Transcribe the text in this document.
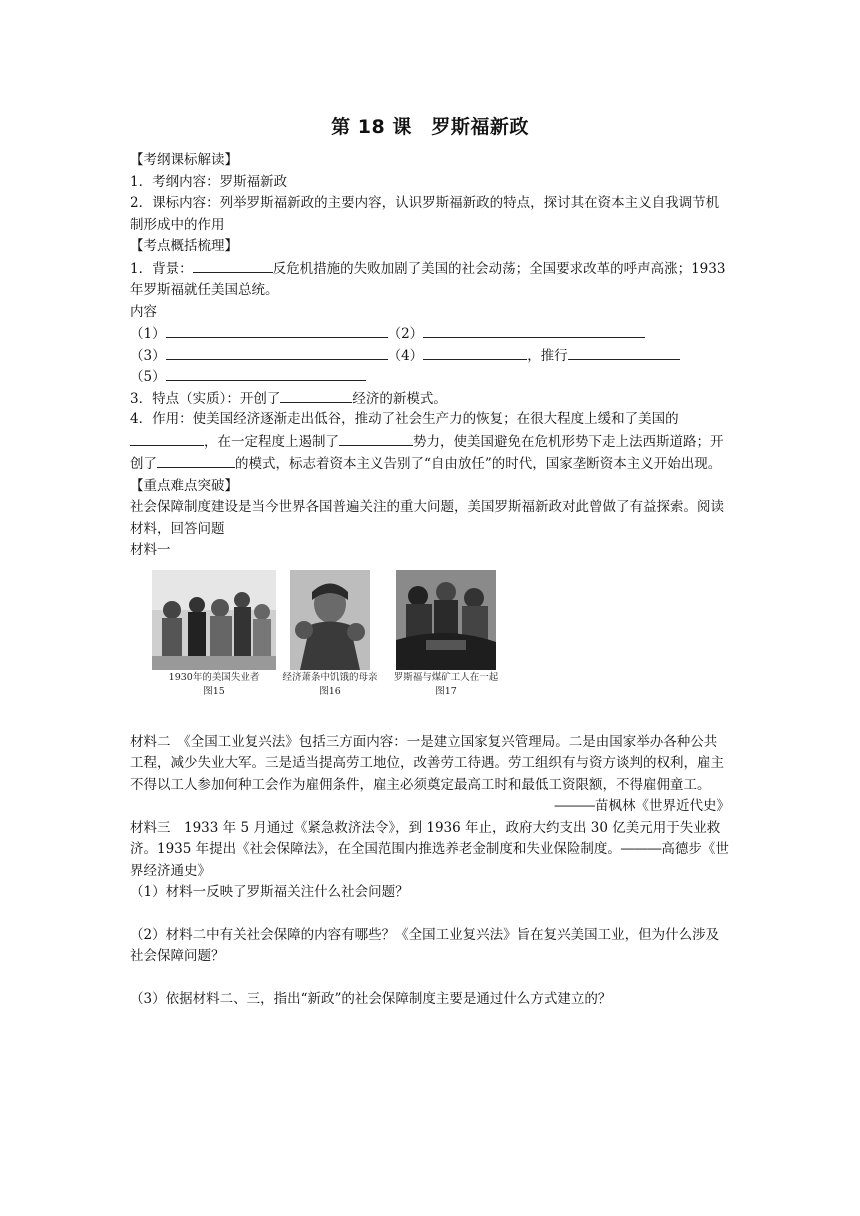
第 18 课　罗斯福新政
【考纲课标解读】
1．考纲内容：罗斯福新政
2．课标内容：列举罗斯福新政的主要内容，认识罗斯福新政的特点，探讨其在资本主义自我调节机制形成中的作用
【考点概括梳理】
1．背景：	反危机措施的失败加剧了美国的社会动荡；全国要求改革的呼声高涨；1933 年罗斯福就任美国总统。
内容
（1）	（2）
（3）	（4）	，推行
（5）
3．特点（实质）：开创了	经济的新模式。
4．作用：使美国经济逐渐走出低谷，推动了社会生产力的恢复；在很大程度上缓和了美国的，在一定程度上遏制了	势力，使美国避免在危机形势下走上法西斯道路；开创了	的模式，标志着资本主义告别了“自由放任”的时代，国家垄断资本主义开始出现。
【重点难点突破】
社会保障制度建设是当今世界各国普遍关注的重大问题，美国罗斯福新政对此曾做了有益探索。阅读材料，回答问题
材料一
1930年的美国失业者
图15
经济萧条中饥饿的母亲
图16
罗斯福与煤矿工人在一起
图17
材料二　《全国工业复兴法》包括三方面内容：一是建立国家复兴管理局。二是由国家举办各种公共工程，减少失业大军。三是适当提高劳工地位，改善劳工待遇。劳工组织有与资方谈判的权利，雇主不得以工人参加何种工会作为雇佣条件，雇主必须奠定最高工时和最低工资限额，不得雇佣童工。
―――苗枫林《世界近代史》
材料三　1933 年 5 月通过《紧急救济法令》，到 1936 年止，政府大约支出 30 亿美元用于失业救济。1935 年提出《社会保障法》，在全国范围内推选养老金制度和失业保险制度。―――高德步《世界经济通史》
（1）材料一反映了罗斯福关注什么社会问题？
（2）材料二中有关社会保障的内容有哪些？《全国工业复兴法》旨在复兴美国工业，但为什么涉及社会保障问题？
（3）依据材料二、三，指出“新政”的社会保障制度主要是通过什么方式建立的？
